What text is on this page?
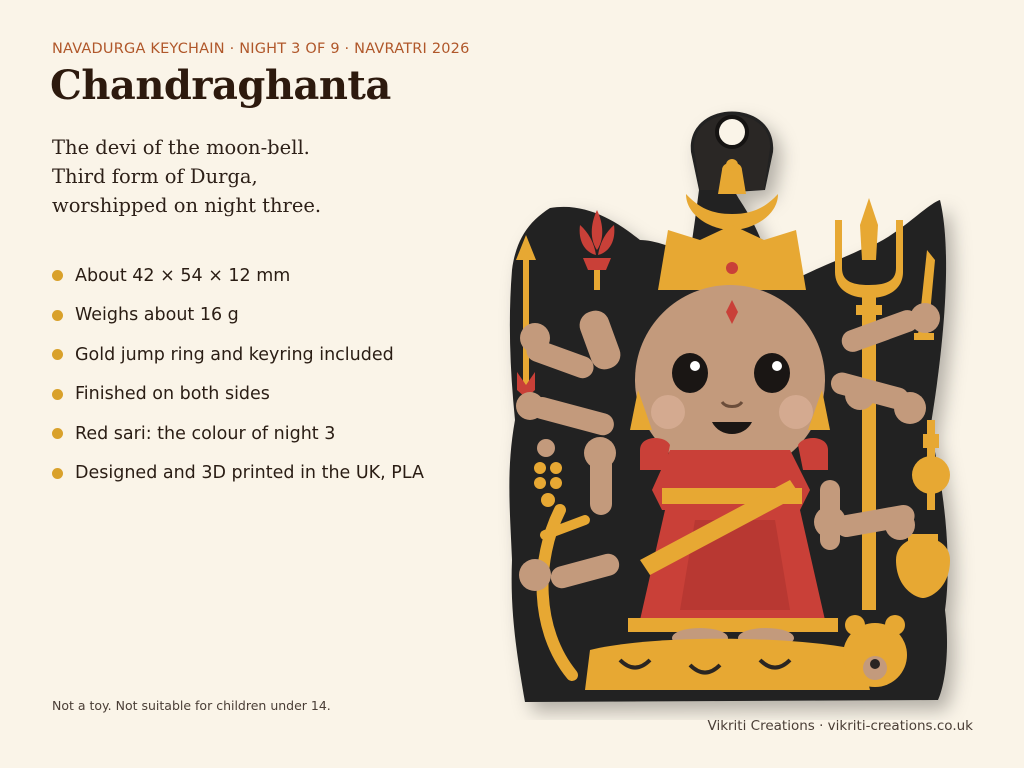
NAVADURGA KEYCHAIN · NIGHT 3 OF 9 · NAVRATRI 2026
Chandraghanta
The devi of the moon-bell.
Third form of Durga,
worshipped on night three.
About 42 × 54 × 12 mm
Weighs about 16 g
Gold jump ring and keyring included
Finished on both sides
Red sari: the colour of night 3
Designed and 3D printed in the UK, PLA
Not a toy. Not suitable for children under 14.
Vikriti Creations · vikriti-creations.co.uk
